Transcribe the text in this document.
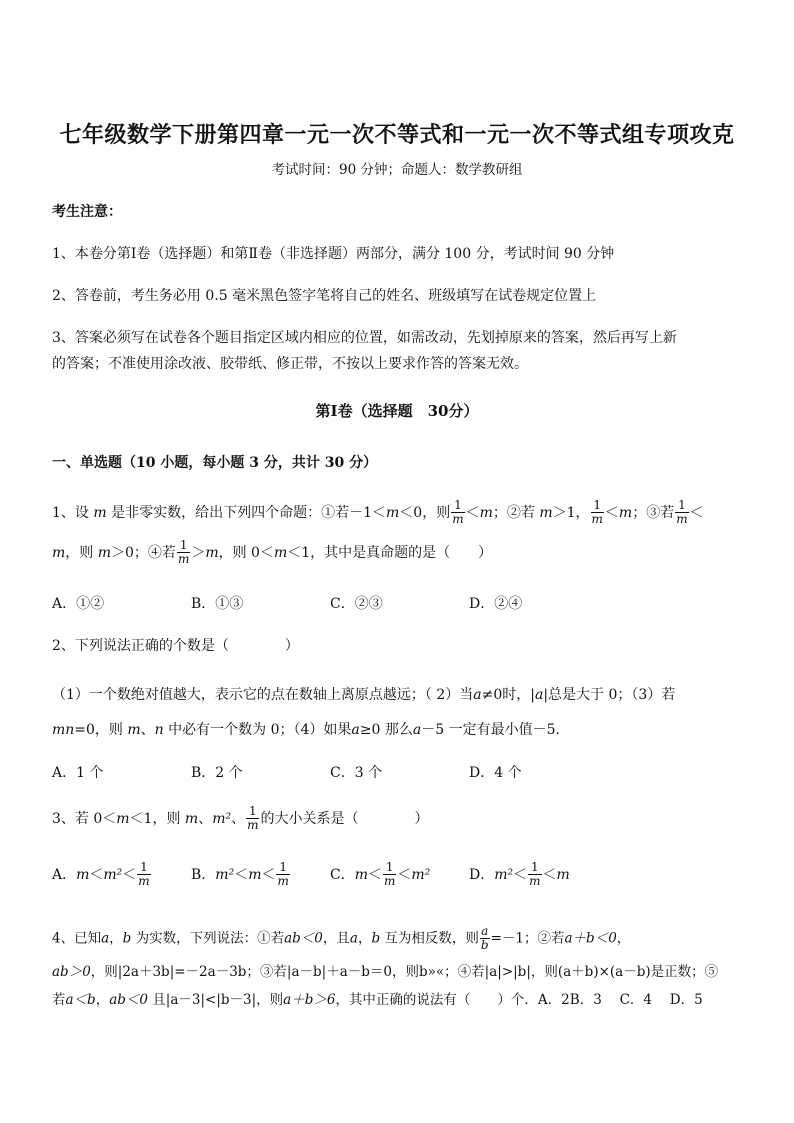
七年级数学下册第四章一元一次不等式和一元一次不等式组专项攻克
考试时间：90 分钟；命题人：数学教研组
考生注意：
1、本卷分第Ⅰ卷（选择题）和第Ⅱ卷（非选择题）两部分，满分 100 分，考试时间 90 分钟
2、答卷前，考生务必用 0.5 毫米黑色签字笔将自己的姓名、班级填写在试卷规定位置上
3、答案必须写在试卷各个题目指定区域内相应的位置，如需改动，先划掉原来的答案，然后再写上新
的答案；不准使用涂改液、胶带纸、修正带，不按以上要求作答的答案无效。
第Ⅰ卷（选择题　30分）
一、单选题（10 小题，每小题 3 分，共计 30 分）
1、设 m 是非零实数，给出下列四个命题：①若－1＜m＜0，则 $\frac{1}{m} <m$；②若 m＞1， $\frac{1}{m} <m$；③若 $\frac{1}{m}$ ＜
m，则 m＞0；④若 $\frac{1}{m} >m$，则 0＜m＜1，其中是真命题的是（　　）
A．①②	B．①③	C．②③	D．②④
2、下列说法正确的个数是（　　　　）
（1）一个数绝对值越大，表示它的点在数轴上离原点越远；（ 2）当a≠0时，|a|总是大于 0；（3）若
mn=0，则 m、n 中必有一个数为 0；（4）如果a≥0 那么a－5 一定有最小值－5．
A．1 个	B．2 个	C．3 个	D．4 个
3、若 0＜m＜1，则 m、m²、 $\frac{1}{m}$ 的大小关系是（　　　　）
A．$m<m^2< \frac{1}{m}$	B．$m^2<m< \frac{1}{m}$	C．$m< \frac{1}{m} <m^2$	D．$m^2< \frac{1}{m} <m$
4、已知a，b 为实数，下列说法：①若ab＜0，且a，b 互为相反数，则 $\frac{a}{b} =-1$；②若a＋b＜0，
ab＞0，则|2a＋3b|=－2a－3b；③若|a－b|＋a－b＝0，则b»«；④若|a|>|b|，则(a＋b)×(a－b)是正数；⑤
若a＜b，ab＜0 且|a－3|<|b－3|，则a＋b＞6，其中正确的说法有（　　）个．A．2B．3　 C．4　 D．5
